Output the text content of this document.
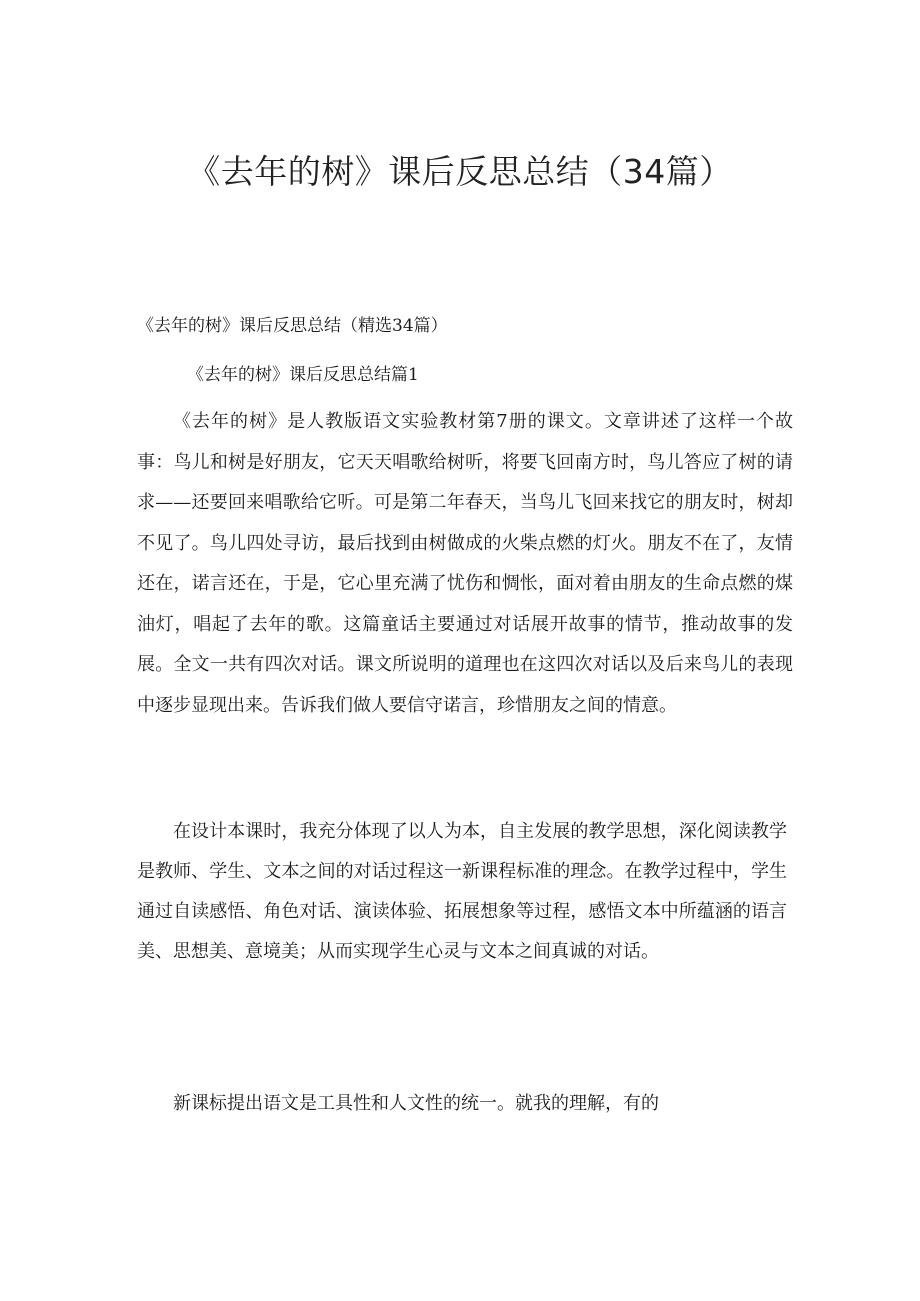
《去年的树》课后反思总结（34篇）

《去年的树》课后反思总结（精选34篇）

《去年的树》课后反思总结篇1

《去年的树》是人教版语文实验教材第7册的课文。文章讲述了这样一个故事：鸟儿和树是好朋友，它天天唱歌给树听，将要飞回南方时，鸟儿答应了树的请求——还要回来唱歌给它听。可是第二年春天，当鸟儿飞回来找它的朋友时，树却不见了。鸟儿四处寻访，最后找到由树做成的火柴点燃的灯火。朋友不在了，友情还在，诺言还在，于是，它心里充满了忧伤和惆怅，面对着由朋友的生命点燃的煤油灯，唱起了去年的歌。这篇童话主要通过对话展开故事的情节，推动故事的发展。全文一共有四次对话。课文所说明的道理也在这四次对话以及后来鸟儿的表现中逐步显现出来。告诉我们做人要信守诺言，珍惜朋友之间的情意。

在设计本课时，我充分体现了以人为本，自主发展的教学思想，深化阅读教学是教师、学生、文本之间的对话过程这一新课程标准的理念。在教学过程中，学生通过自读感悟、角色对话、演读体验、拓展想象等过程，感悟文本中所蕴涵的语言美、思想美、意境美；从而实现学生心灵与文本之间真诚的对话。

新课标提出语文是工具性和人文性的统一。就我的理解，有的
